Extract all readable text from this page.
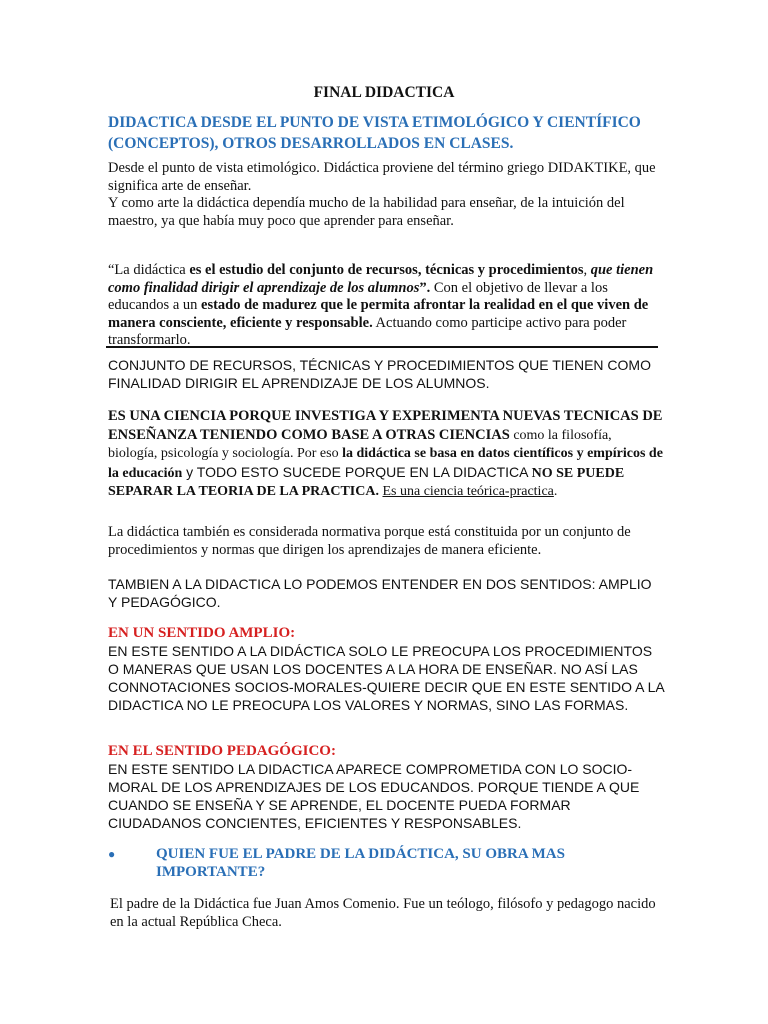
FINAL DIDACTICA
DIDACTICA DESDE EL PUNTO DE VISTA ETIMOLÓGICO Y CIENTÍFICO (CONCEPTOS), OTROS DESARROLLADOS EN CLASES.
Desde el punto de vista etimológico. Didáctica proviene del término griego DIDAKTIKE, que significa arte de enseñar.
Y como arte la didáctica dependía mucho de la habilidad para enseñar, de la intuición del maestro, ya que había muy poco que aprender para enseñar.
“La didáctica es el estudio del conjunto de recursos, técnicas y procedimientos, que tienen como finalidad dirigir el aprendizaje de los alumnos”. Con el objetivo de llevar a los educandos a un estado de madurez que le permita afrontar la realidad en el que viven de manera consciente, eficiente y responsable. Actuando como participe activo para poder transformarlo.
CONJUNTO DE RECURSOS, TÉCNICAS Y PROCEDIMIENTOS QUE TIENEN COMO FINALIDAD DIRIGIR EL APRENDIZAJE DE LOS ALUMNOS.
ES UNA CIENCIA PORQUE INVESTIGA Y EXPERIMENTA NUEVAS TECNICAS DE ENSEÑANZA TENIENDO COMO BASE A OTRAS CIENCIAS como la filosofía, biología, psicología y sociología. Por eso la didáctica se basa en datos científicos y empíricos de la educación y TODO ESTO SUCEDE PORQUE EN LA DIDACTICA NO SE PUEDE SEPARAR LA TEORIA DE LA PRACTICA. Es una ciencia teórica-practica.
La didáctica también es considerada normativa porque está constituida por un conjunto de procedimientos y normas que dirigen los aprendizajes de manera eficiente.
TAMBIEN A LA DIDACTICA LO PODEMOS ENTENDER EN DOS SENTIDOS: AMPLIO Y PEDAGÓGICO.
EN UN SENTIDO AMPLIO:
EN ESTE SENTIDO A LA DIDÁCTICA SOLO LE PREOCUPA LOS PROCEDIMIENTOS O MANERAS QUE USAN LOS DOCENTES A LA HORA DE ENSEÑAR. NO ASÍ LAS CONNOTACIONES SOCIOS-MORALES-QUIERE DECIR QUE EN ESTE SENTIDO A LA DIDACTICA NO LE PREOCUPA LOS VALORES Y NORMAS, SINO LAS FORMAS.
EN EL SENTIDO PEDAGÓGICO:
EN ESTE SENTIDO LA DIDACTICA APARECE COMPROMETIDA CON LO SOCIO-MORAL DE LOS APRENDIZAJES DE LOS EDUCANDOS. PORQUE TIENDE A QUE CUANDO SE ENSEÑA Y SE APRENDE, EL DOCENTE PUEDA FORMAR CIUDADANOS CONCIENTES, EFICIENTES Y RESPONSABLES.
●	QUIEN FUE EL PADRE DE LA DIDÁCTICA, SU OBRA MAS IMPORTANTE?
El padre de la Didáctica fue Juan Amos Comenio. Fue un teólogo, filósofo y pedagogo nacido en la actual República Checa.
